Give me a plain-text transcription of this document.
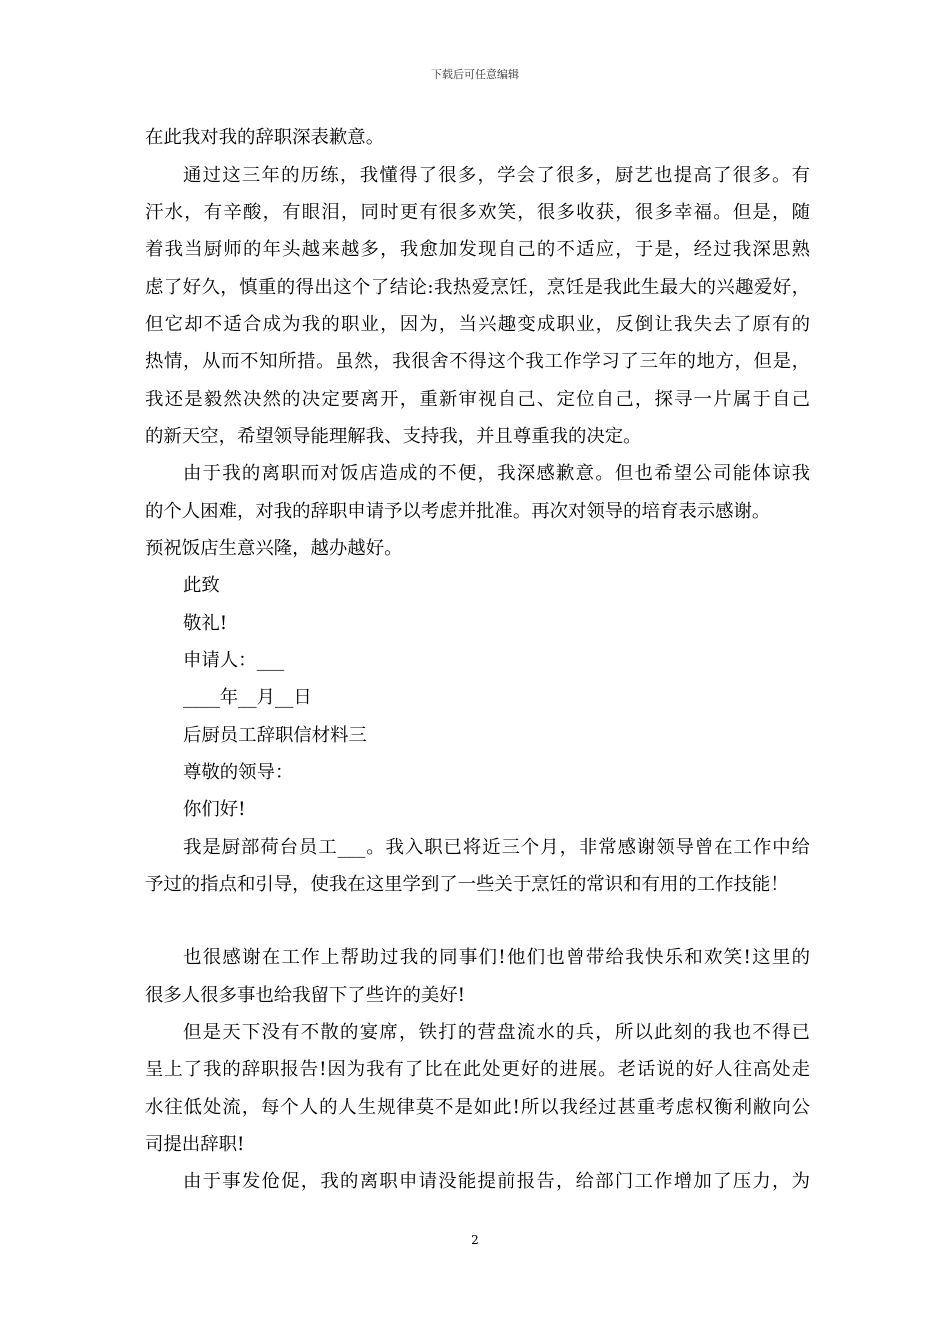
下载后可任意编辑
在此我对我的辞职深表歉意。
通过这三年的历练，我懂得了很多，学会了很多，厨艺也提高了很多。有
汗水，有辛酸，有眼泪，同时更有很多欢笑，很多收获，很多幸福。但是，随
着我当厨师的年头越来越多，我愈加发现自己的不适应，于是，经过我深思熟
虑了好久，慎重的得出这个了结论:我热爱烹饪，烹饪是我此生最大的兴趣爱好，
但它却不适合成为我的职业，因为，当兴趣变成职业，反倒让我失去了原有的
热情，从而不知所措。虽然，我很舍不得这个我工作学习了三年的地方，但是，
我还是毅然决然的决定要离开，重新审视自己、定位自己，探寻一片属于自己
的新天空，希望领导能理解我、支持我，并且尊重我的决定。
由于我的离职而对饭店造成的不便，我深感歉意。但也希望公司能体谅我
的个人困难，对我的辞职申请予以考虑并批准。再次对领导的培育表示感谢。
预祝饭店生意兴隆，越办越好。
此致
敬礼!
申请人：___
____年__月__日
后厨员工辞职信材料三
尊敬的领导：
你们好!
我是厨部荷台员工___。我入职已将近三个月，非常感谢领导曾在工作中给
予过的指点和引导，使我在这里学到了一些关于烹饪的常识和有用的工作技能！
也很感谢在工作上帮助过我的同事们!他们也曾带给我快乐和欢笑!这里的
很多人很多事也给我留下了些许的美好!
但是天下没有不散的宴席，铁打的营盘流水的兵，所以此刻的我也不得已
呈上了我的辞职报告!因为我有了比在此处更好的进展。老话说的好人往高处走
水往低处流，每个人的人生规律莫不是如此!所以我经过甚重考虑权衡利敝向公
司提出辞职!
由于事发伧促，我的离职申请没能提前报告，给部门工作增加了压力，为
2
